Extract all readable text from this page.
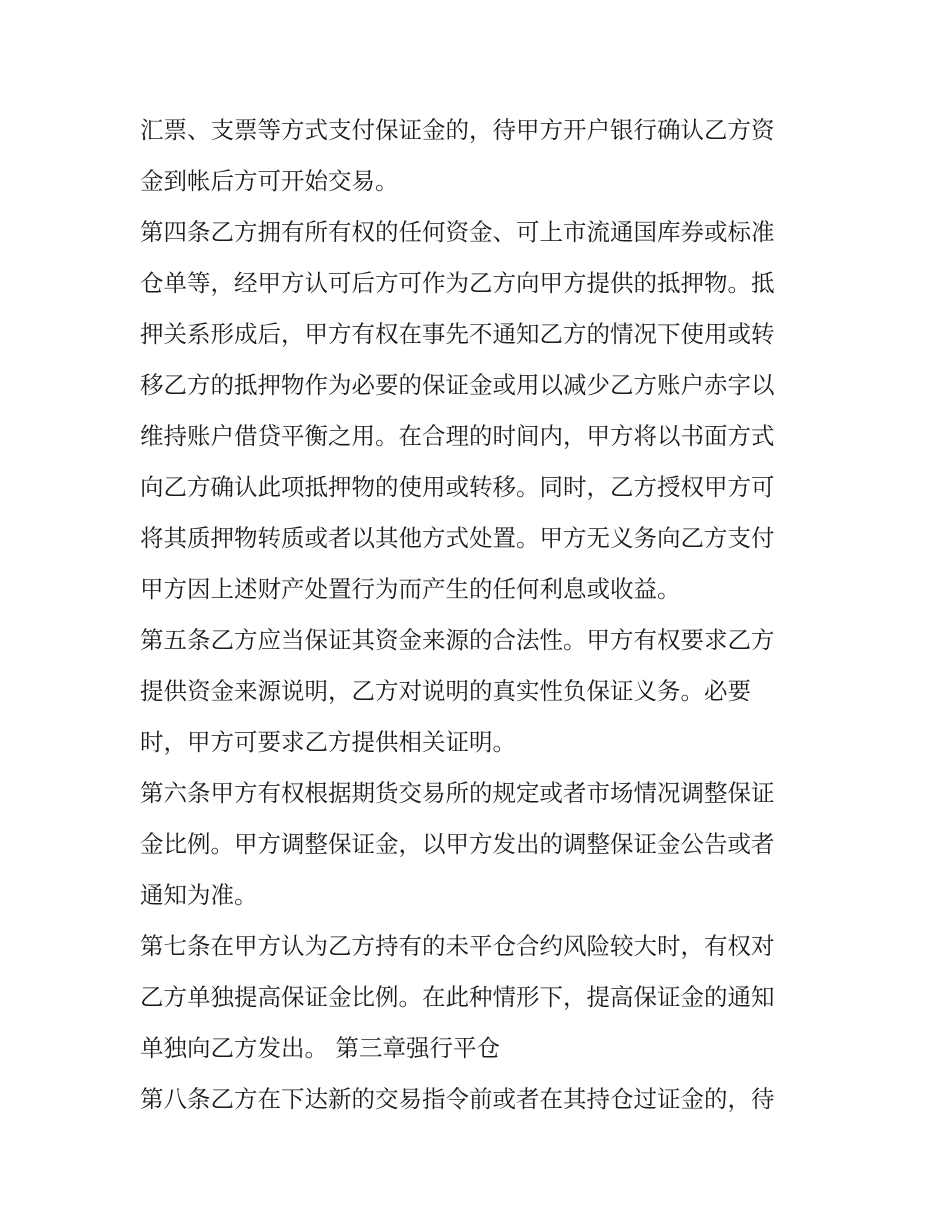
汇票、支票等方式支付保证金的，待甲方开户银行确认乙方资
金到帐后方可开始交易。
第四条乙方拥有所有权的任何资金、可上市流通国库券或标准
仓单等，经甲方认可后方可作为乙方向甲方提供的抵押物。抵
押关系形成后，甲方有权在事先不通知乙方的情况下使用或转
移乙方的抵押物作为必要的保证金或用以减少乙方账户赤字以
维持账户借贷平衡之用。在合理的时间内，甲方将以书面方式
向乙方确认此项抵押物的使用或转移。同时，乙方授权甲方可
将其质押物转质或者以其他方式处置。甲方无义务向乙方支付
甲方因上述财产处置行为而产生的任何利息或收益。
第五条乙方应当保证其资金来源的合法性。甲方有权要求乙方
提供资金来源说明，乙方对说明的真实性负保证义务。必要
时，甲方可要求乙方提供相关证明。
第六条甲方有权根据期货交易所的规定或者市场情况调整保证
金比例。甲方调整保证金，以甲方发出的调整保证金公告或者
通知为准。
第七条在甲方认为乙方持有的未平仓合约风险较大时，有权对
乙方单独提高保证金比例。在此种情形下，提高保证金的通知
单独向乙方发出。 第三章强行平仓
第八条乙方在下达新的交易指令前或者在其持仓过证金的，待
